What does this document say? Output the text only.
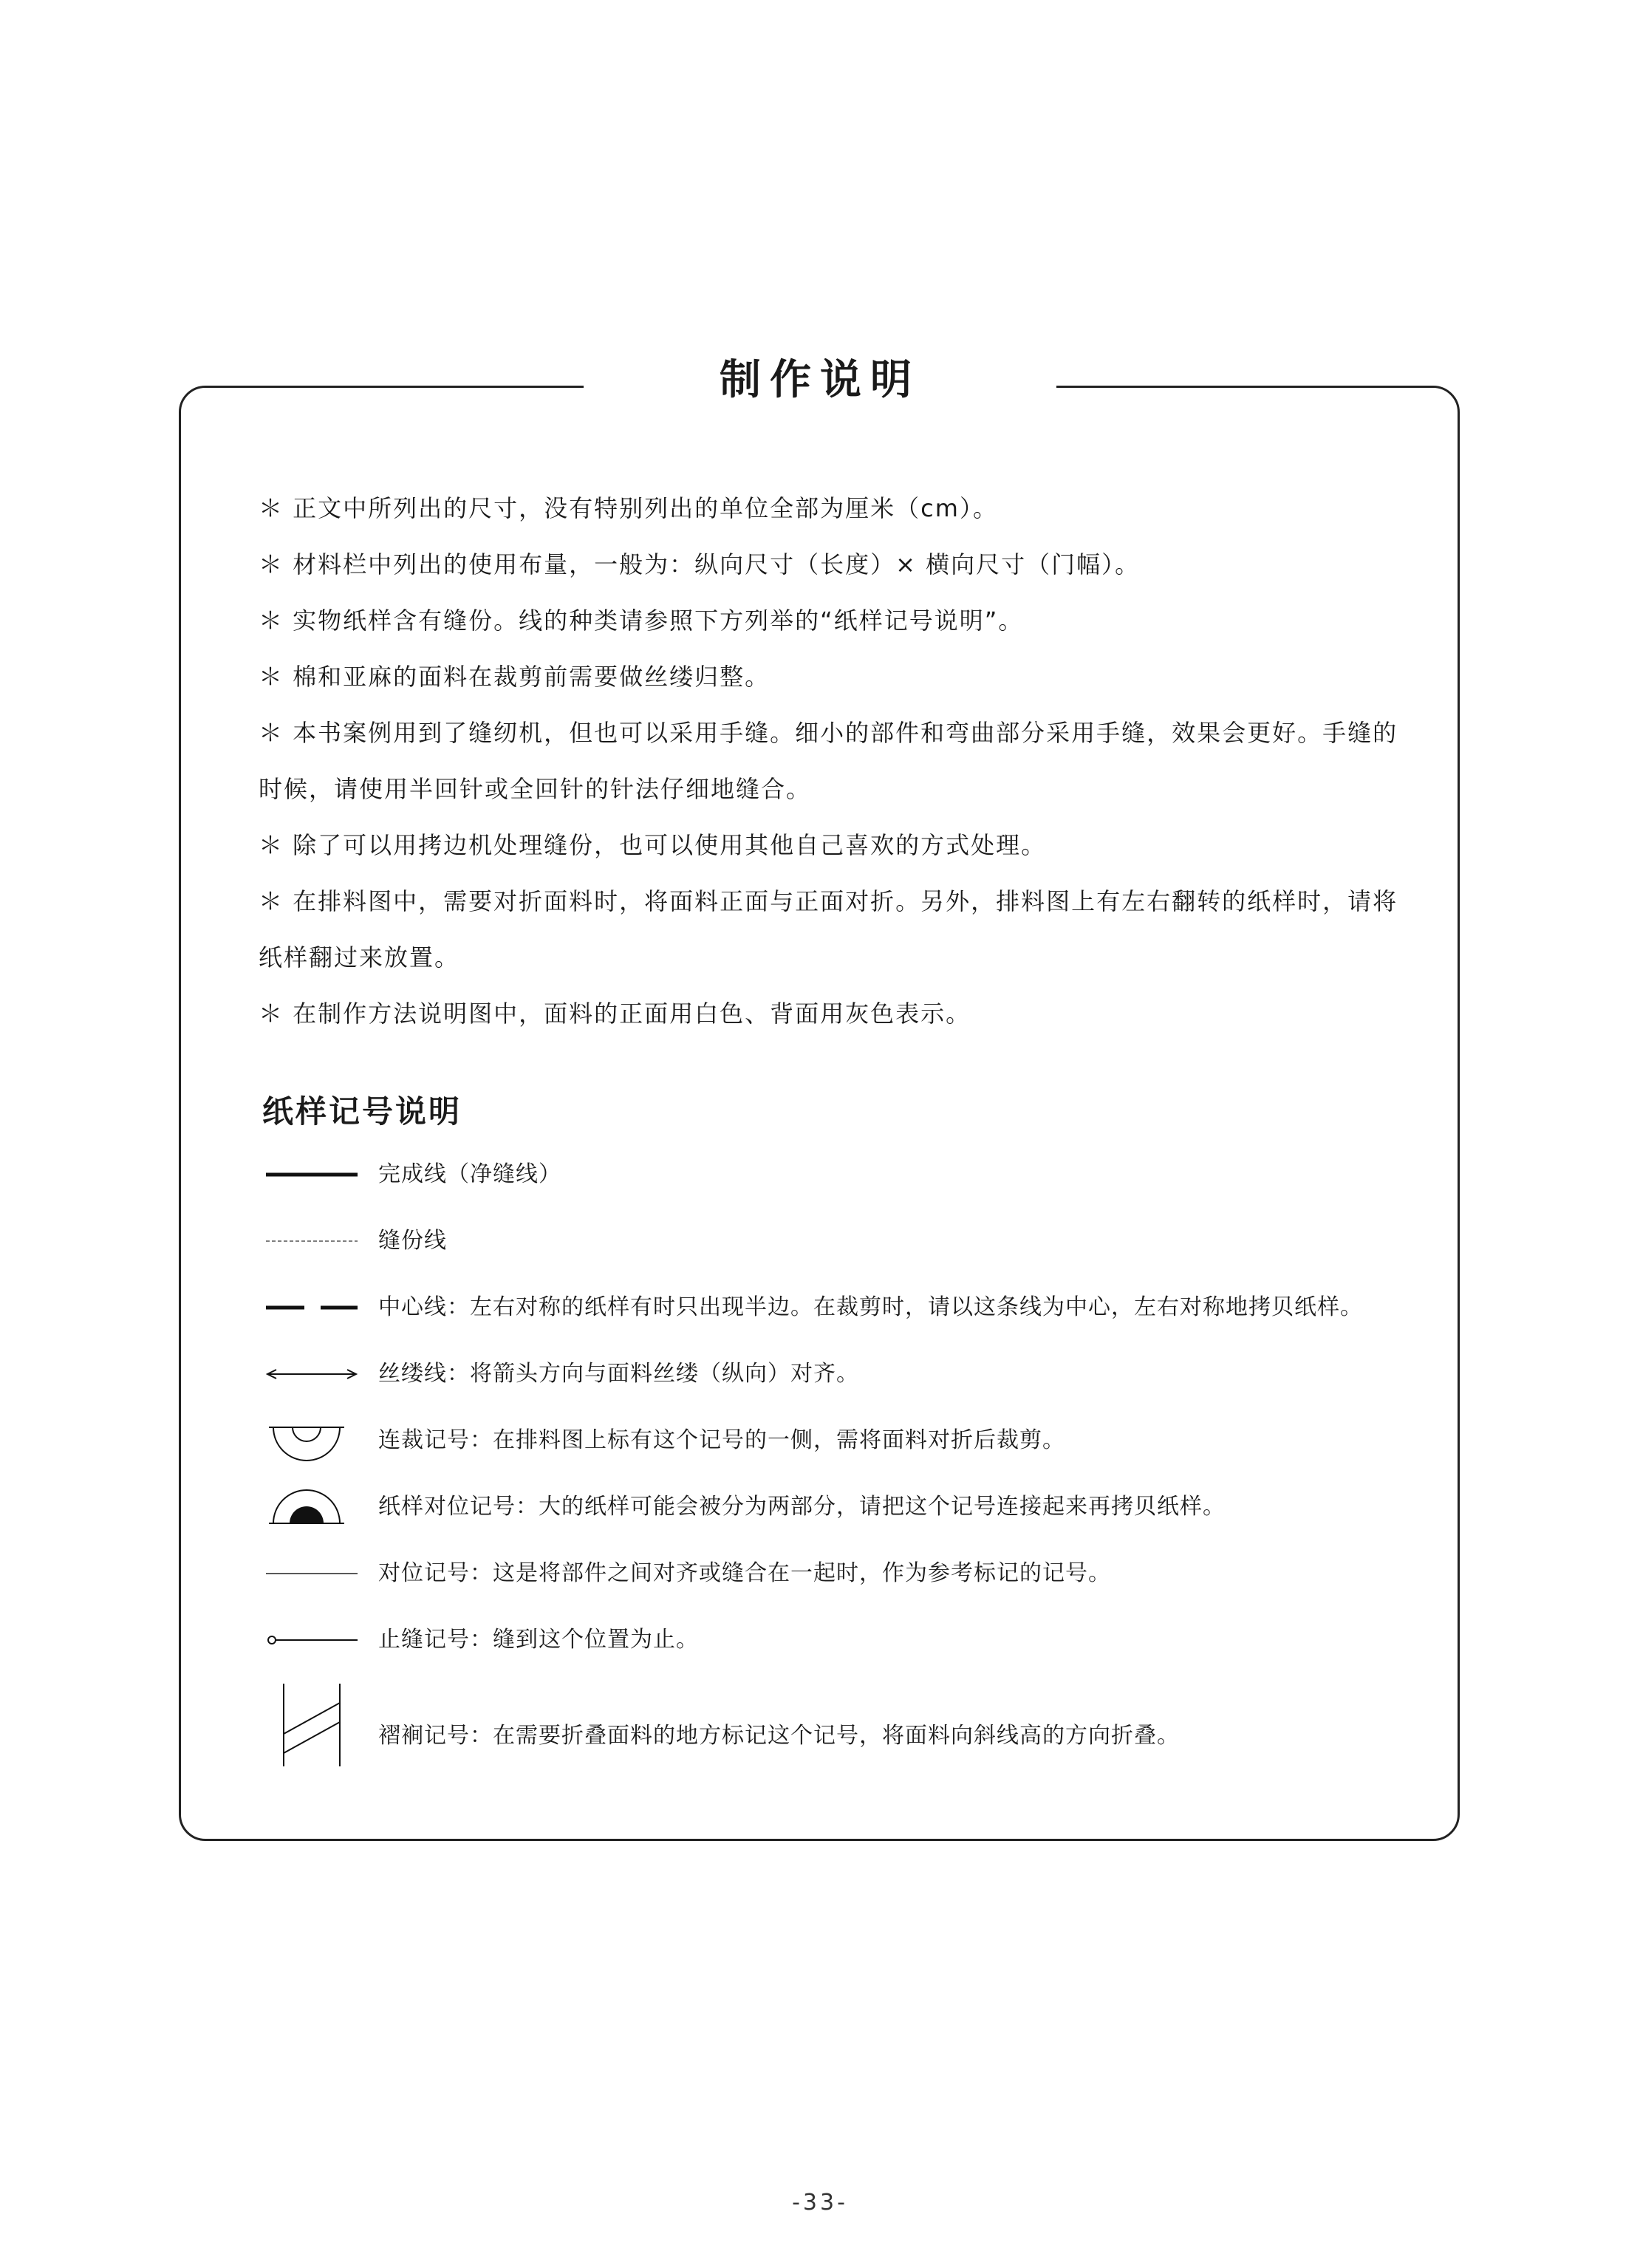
制作说明
＊ 正文中所列出的尺寸，没有特别列出的单位全部为厘米（cm）。
＊ 材料栏中列出的使用布量，一般为：纵向尺寸（长度）× 横向尺寸（门幅）。
＊ 实物纸样含有缝份。线的种类请参照下方列举的“纸样记号说明”。
＊ 棉和亚麻的面料在裁剪前需要做丝缕归整。
＊ 本书案例用到了缝纫机，但也可以采用手缝。细小的部件和弯曲部分采用手缝，效果会更好。手缝的时候，请使用半回针或全回针的针法仔细地缝合。
＊ 除了可以用拷边机处理缝份，也可以使用其他自己喜欢的方式处理。
＊ 在排料图中，需要对折面料时，将面料正面与正面对折。另外，排料图上有左右翻转的纸样时，请将纸样翻过来放置。
＊ 在制作方法说明图中，面料的正面用白色、背面用灰色表示。
纸样记号说明
完成线（净缝线）
缝份线
中心线：左右对称的纸样有时只出现半边。在裁剪时，请以这条线为中心，左右对称地拷贝纸样。
丝缕线：将箭头方向与面料丝缕（纵向）对齐。
连裁记号：在排料图上标有这个记号的一侧，需将面料对折后裁剪。
纸样对位记号：大的纸样可能会被分为两部分，请把这个记号连接起来再拷贝纸样。
对位记号：这是将部件之间对齐或缝合在一起时，作为参考标记的记号。
止缝记号：缝到这个位置为止。
褶裥记号：在需要折叠面料的地方标记这个记号，将面料向斜线高的方向折叠。
-33-
